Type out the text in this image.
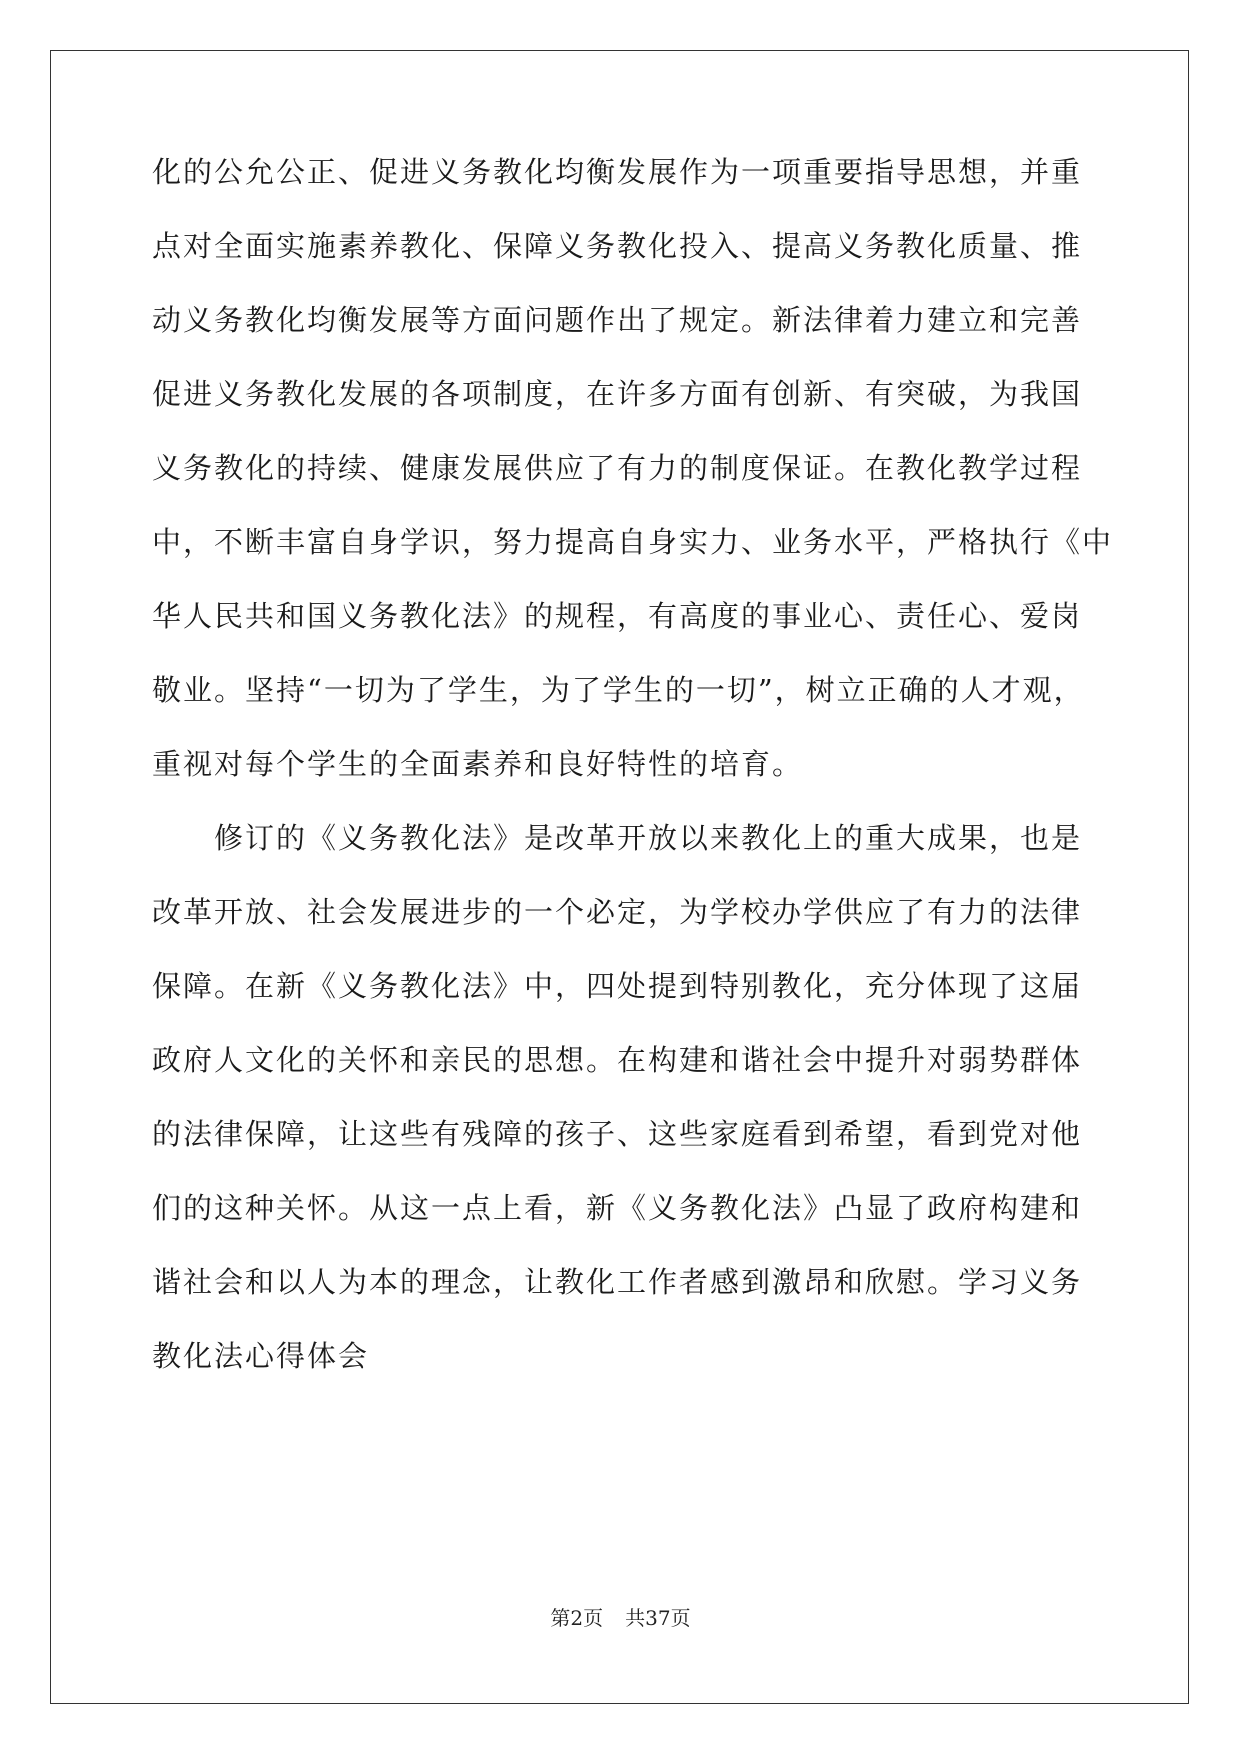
化的公允公正、促进义务教化均衡发展作为一项重要指导思想，并重
点对全面实施素养教化、保障义务教化投入、提高义务教化质量、推
动义务教化均衡发展等方面问题作出了规定。新法律着力建立和完善
促进义务教化发展的各项制度，在许多方面有创新、有突破，为我国
义务教化的持续、健康发展供应了有力的制度保证。在教化教学过程
中，不断丰富自身学识，努力提高自身实力、业务水平，严格执行《中
华人民共和国义务教化法》的规程，有高度的事业心、责任心、爱岗
敬业。坚持“一切为了学生，为了学生的一切”，树立正确的人才观，
重视对每个学生的全面素养和良好特性的培育。
修订的《义务教化法》是改革开放以来教化上的重大成果，也是
改革开放、社会发展进步的一个必定，为学校办学供应了有力的法律
保障。在新《义务教化法》中，四处提到特别教化，充分体现了这届
政府人文化的关怀和亲民的思想。在构建和谐社会中提升对弱势群体
的法律保障，让这些有残障的孩子、这些家庭看到希望，看到党对他
们的这种关怀。从这一点上看，新《义务教化法》凸显了政府构建和
谐社会和以人为本的理念，让教化工作者感到激昂和欣慰。学习义务
教化法心得体会
第2页 共37页
